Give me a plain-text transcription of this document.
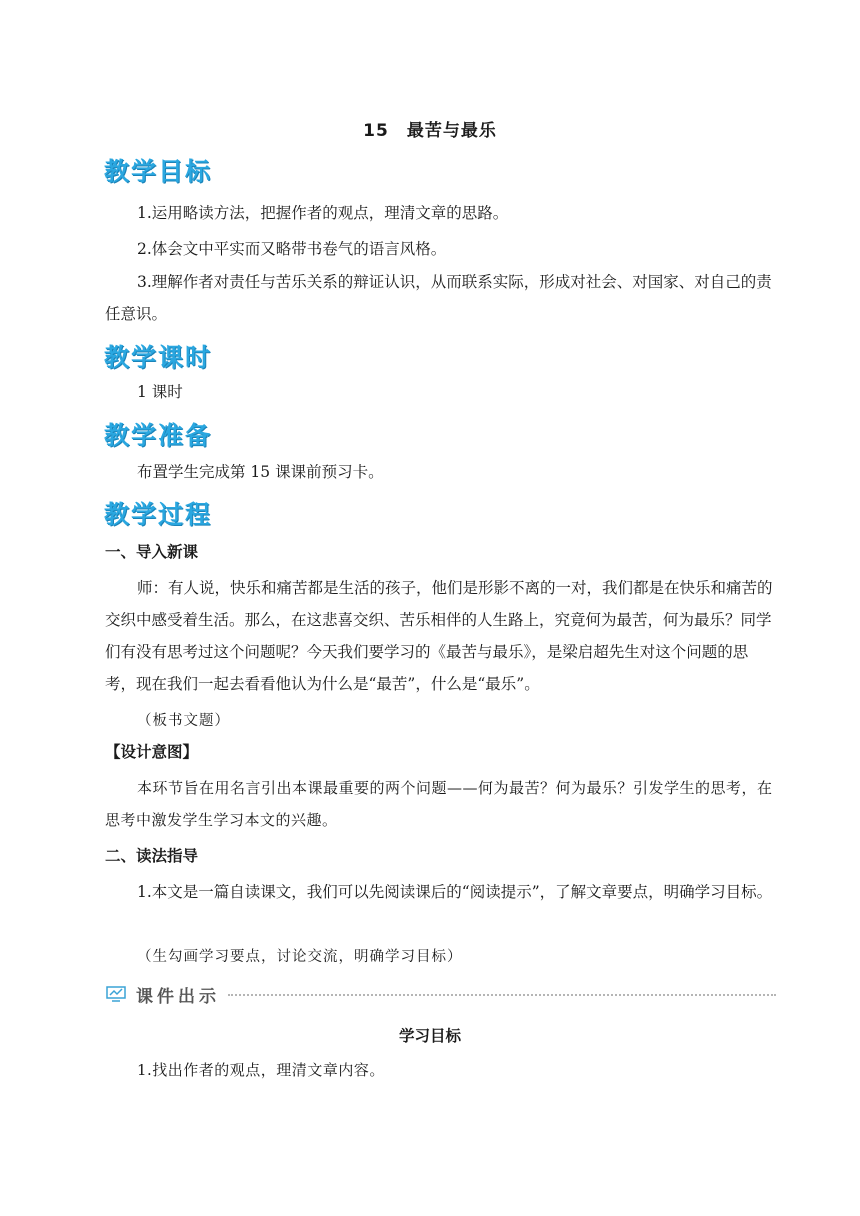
15　最苦与最乐
教学目标
1.运用略读方法，把握作者的观点，理清文章的思路。
2.体会文中平实而又略带书卷气的语言风格。
3.理解作者对责任与苦乐关系的辩证认识，从而联系实际，形成对社会、对国家、对自己的责任意识。
教学课时
1 课时
教学准备
布置学生完成第 15 课课前预习卡。
教学过程
一、导入新课
师：有人说，快乐和痛苦都是生活的孩子，他们是形影不离的一对，我们都是在快乐和痛苦的交织中感受着生活。那么，在这悲喜交织、苦乐相伴的人生路上，究竟何为最苦，何为最乐？同学们有没有思考过这个问题呢？今天我们要学习的《最苦与最乐》，是梁启超先生对这个问题的思考，现在我们一起去看看他认为什么是“最苦”，什么是“最乐”。
（板书文题）
【设计意图】
本环节旨在用名言引出本课最重要的两个问题——何为最苦？何为最乐？引发学生的思考，在思考中激发学生学习本文的兴趣。
二、读法指导
1.本文是一篇自读课文，我们可以先阅读课后的“阅读提示”，了解文章要点，明确学习目标。
（生勾画学习要点，讨论交流，明确学习目标）
课件出示
学习目标
1.找出作者的观点，理清文章内容。
